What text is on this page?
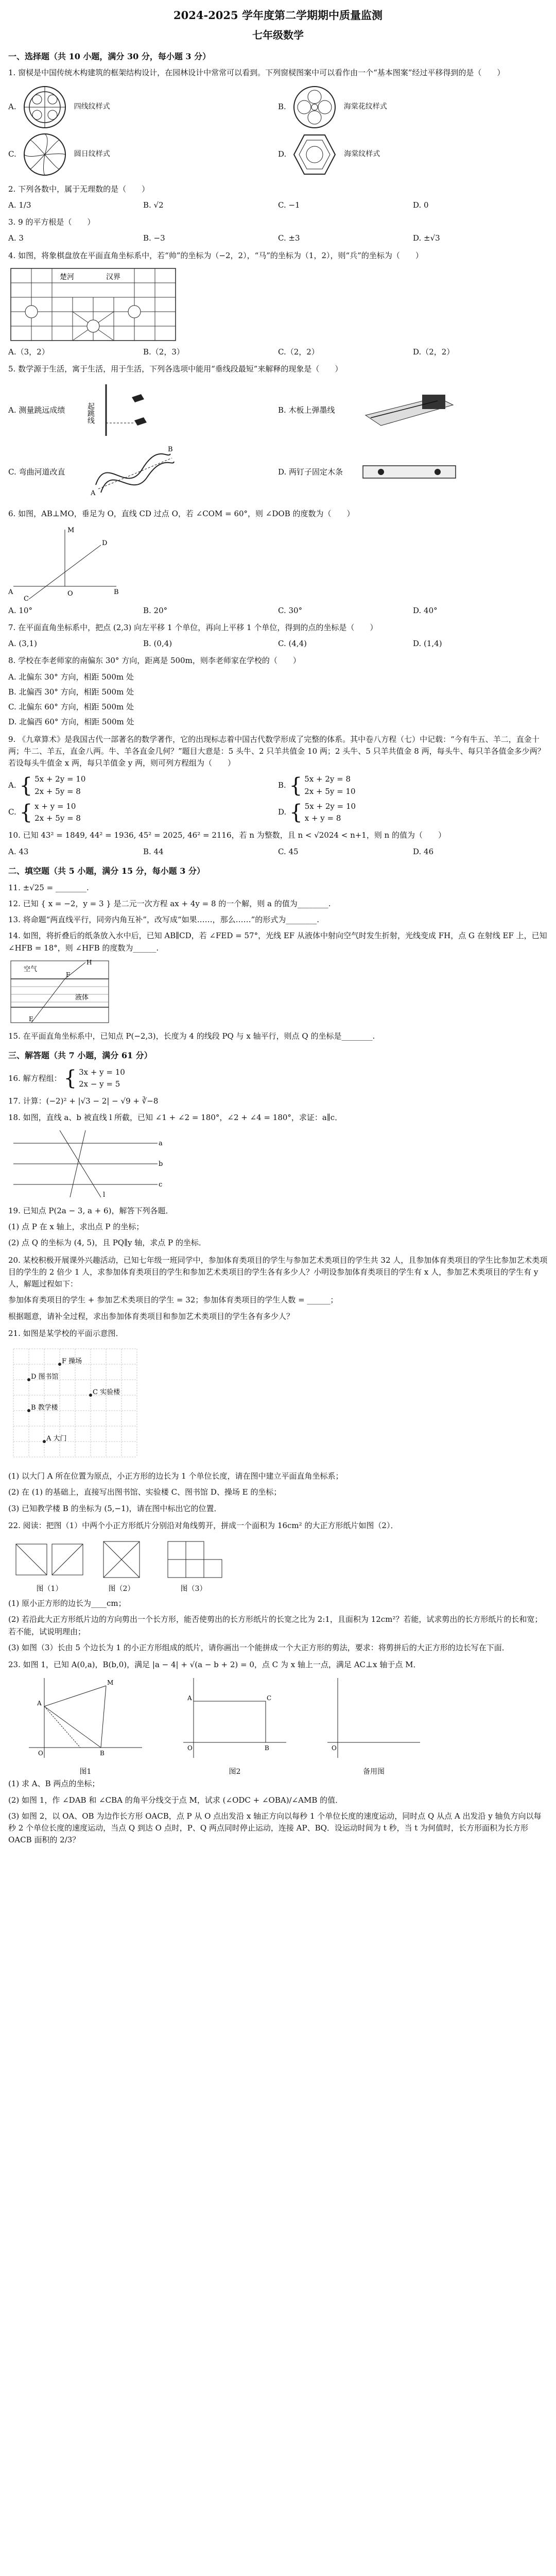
2024-2025 学年度第二学期期中质量监测
七年级数学
一、选择题（共 10 小题，满分 30 分，每小题 3 分）
1. 窗棂是中国传统木构建筑的框架结构设计，在园林设计中常常可以看到。下列窗棂图案中可以看作由一个“基本图案”经过平移得到的是（　　）
A.	四线纹样式	B.	海棠花纹样式
C.	圆日纹样式	D.	海棠纹样式
2. 下列各数中，属于无理数的是（　　）
A. 1/3	B. √2	C. −1	D. 0
3. 9 的平方根是（　　）
A. 3	B. −3	C. ±3	D. ±√3
4. 如图，将象棋盘放在平面直角坐标系中，若“帅”的坐标为（−2，2），“马”的坐标为（1，2），则“兵”的坐标为（　　）
楚河	汉界
A.（3，2）	B.（2，3）	C.（2，2）	D.（2，2）
5. 数学源于生活，寓于生活，用于生活，下列各选项中能用“垂线段最短”来解释的现象是（　　）
A. 测量跳远成绩	起跳线	B. 木板上弹墨线
C. 弯曲河道改直
B
A
D. 两钉子固定木条
6. 如图，AB⊥MO，垂足为 O，直线 CD 过点 O，若 ∠COM = 60°，则 ∠DOB 的度数为（　　）
A	B
M
O
D
C
A. 10°	B. 20°	C. 30°	D. 40°
7. 在平面直角坐标系中，把点 (2,3) 向左平移 1 个单位，再向上平移 1 个单位，得到的点的坐标是（　　）
A. (3,1)	B. (0,4)	C. (4,4)	D. (1,4)
8. 学校在李老师家的南偏东 30° 方向，距离是 500m，则李老师家在学校的（　　）
A. 北偏东 30° 方向，相距 500m 处
B. 北偏西 30° 方向，相距 500m 处
C. 北偏东 60° 方向，相距 500m 处
D. 北偏西 60° 方向，相距 500m 处
9. 《九章算术》是我国古代一部著名的数学著作，它的出现标志着中国古代数学形成了完整的体系。其中卷八方程（七）中记载：“今有牛五、羊二，直金十两；牛二、羊五，直金八两。牛、羊各直金几何？”题目大意是：5 头牛、2 只羊共值金 10 两；2 头牛、5 只羊共值金 8 两，每头牛、每只羊各值金多少两？若设每头牛值金 x 两，每只羊值金 y 两，则可列方程组为（　　）
A. { 5x + 2y = 10
2x + 5y = 8
B. { 5x + 2y = 8
2x + 5y = 10
C. { x + y = 10
2x + 5y = 8
D. { 5x + 2y = 10
x + y = 8
10. 已知 43² = 1849, 44² = 1936, 45² = 2025, 46² = 2116，若 n 为整数，且 n < √2024 < n+1，则 n 的值为（　　）
A. 43	B. 44	C. 45	D. 46
二、填空题（共 5 小题，满分 15 分，每小题 3 分）
11. ±√25 = ________.
12. 已知 { x = −2，y = 3 } 是二元一次方程 ax + 4y = 8 的一个解，则 a 的值为________.
13. 将命题“两直线平行，同旁内角互补”，改写成“如果……，那么……”的形式为________.
14. 如图，将折叠后的纸条放入水中后，已知 AB∥CD，若 ∠FED = 57°，光线 EF 从液体中射向空气时发生折射，光线变成 FH，点 G 在射线 EF 上，已知 ∠HFB = 18°，则 ∠HFB 的度数为______.
空气
液体
H
F
E
15. 在平面直角坐标系中，已知点 P(−2,3)，长度为 4 的线段 PQ 与 x 轴平行，则点 Q 的坐标是________.
三、解答题（共 7 小题，满分 61 分）
16. 解方程组： { 3x + y = 10
2x − y = 5
17. 计算：(−2)² + |√3 − 2| − √9 + ∛−8
18. 如图，直线 a、b 被直线 l 所截，已知 ∠1 + ∠2 = 180°，∠2 + ∠4 = 180°，求证：a∥c．
a
b
c
l
19. 已知点 P(2a − 3, a + 6)，解答下列各题．
(1) 点 P 在 x 轴上，求出点 P 的坐标；
(2) 点 Q 的坐标为 (4, 5)，且 PQ∥y 轴，求点 P 的坐标．
20. 某校积极开展课外兴趣活动，已知七年级一班同学中，参加体育类项目的学生与参加艺术类项目的学生共 32 人，且参加体育类项目的学生比参加艺术类项目的学生的 2 倍少 1 人，求参加体育类项目的学生和参加艺术类项目的学生各有多少人？小明设参加体育类项目的学生有 x 人，参加艺术类项目的学生有 y 人，解题过程如下：
参加体育类项目的学生 + 参加艺术类项目的学生 = 32；参加体育类项目的学生人数 = ______；
根据题意，请补全过程，求出参加体育类项目和参加艺术类项目的学生各有多少人？
21. 如图是某学校的平面示意图．
F 操场
D 图书馆
C 实验楼
B 教学楼
A 大门
(1) 以大门 A 所在位置为原点，小正方形的边长为 1 个单位长度，请在图中建立平面直角坐标系；
(2) 在 (1) 的基础上，直接写出图书馆、实验楼 C、图书馆 D、操场 E 的坐标；
(3) 已知教学楼 B 的坐标为 (5,−1)，请在图中标出它的位置．
22. 阅读：把图（1）中两个小正方形纸片分别沿对角线剪开，拼成一个面积为 16cm² 的大正方形纸片如图（2）．
图（1）	图（2）	图（3）
(1) 原小正方形的边长为____cm；
(2) 若沿此大正方形纸片边的方向剪出一个长方形，能否使剪出的长方形纸片的长宽之比为 2:1，且面积为 12cm²？若能，试求剪出的长方形纸片的长和宽；若不能，试说明理由；
(3) 如图（3）长由 5 个边长为 1 的小正方形组成的纸片，请你画出一个能拼成一个大正方形的剪法，要求：将剪拼后的大正方形的边长写在下面．
23. 如图 1，已知 A(0,a)，B(b,0)，满足 |a − 4| + √(a − b + 2) = 0，点 C 为 x 轴上一点，满足 AC⊥x 轴于点 M．
M
A
B
O
图1
A	C
B
O
图2
O
备用图
(1) 求 A、B 两点的坐标；
(2) 如图 1，作 ∠DAB 和 ∠CBA 的角平分线交于点 M，试求 (∠ODC + ∠OBA)/∠AMB 的值．
(3) 如图 2，以 OA、OB 为边作长方形 OACB，点 P 从 O 点出发沿 x 轴正方向以每秒 1 个单位长度的速度运动，同时点 Q 从点 A 出发沿 y 轴负方向以每秒 2 个单位长度的速度运动，当点 Q 到达 O 点时，P、Q 两点同时停止运动，连接 AP、BQ．设运动时间为 t 秒，当 t 为何值时，长方形面积为长方形 OACB 面积的 2/3？
